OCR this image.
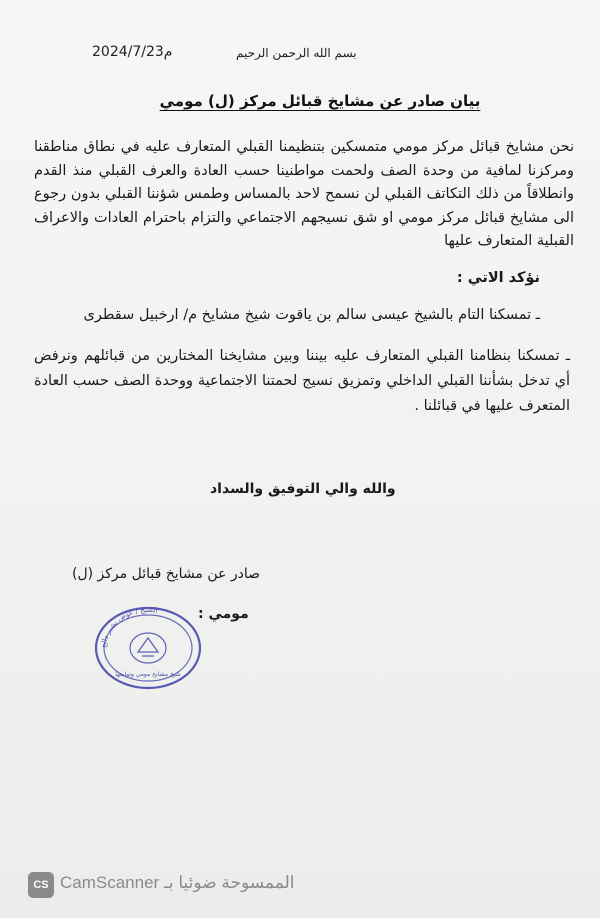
2024/7/23م	بسم الله الرحمن الرحيم
بيان صادر عن مشايخ قبائل مركز (ل) مومي
نحن مشايخ قبائل مركز مومي متمسكين بتنظيمنا القبلي المتعارف عليه في نطاق مناطقنا ومركزنا لمافية من وحدة الصف ولحمت مواطنينا حسب العادة والعرف القبلي منذ القدم وانطلاقاً من ذلك التكاتف القبلي لن نسمح لاحد بالمساس وطمس شؤننا القبلي بدون رجوع الى مشايخ قبائل مركز مومي او شق نسيجهم الاجتماعي والتزام باحترام العادات والاعراف القبلية المتعارف عليها
نؤكد الاتي :
ـ تمسكنا التام بالشيخ عيسى سالم بن ياقوت شيخ مشايخ م/ ارخبيل سقطرى
ـ تمسكنا بنظامنا القبلي المتعارف عليه بيننا وبين مشايخنا المختارين من قبائلهم ونرفض أي تدخل بشأننا القبلي الداخلي وتمزيق نسيج لحمتنا الاجتماعية ووحدة الصف حسب العادة المتعرف عليها في قبائلنا .
والله والي التوفيق والسداد
صادر عن مشايخ قبائل مركز (ل)
مومي :
الشيخ / عوض بشير دالح
شيخ مشايخ مومي وتوابعها
CS الممسوحة ضوئيا بـ CamScanner
